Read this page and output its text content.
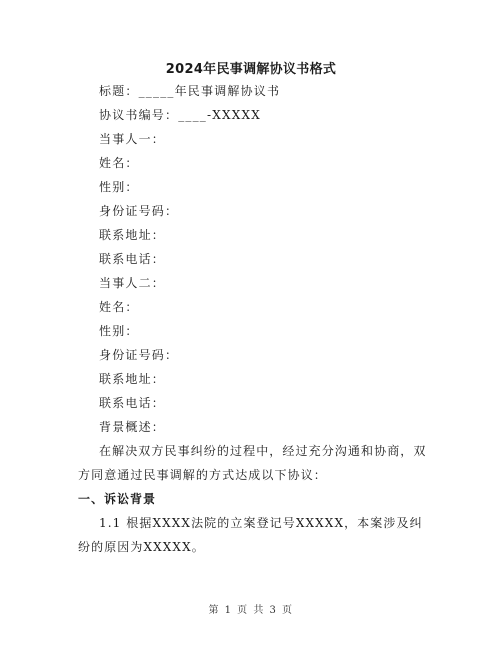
2024年民事调解协议书格式
标题：_____年民事调解协议书
协议书编号：____-XXXXX
当事人一：
姓名：
性别：
身份证号码：
联系地址：
联系电话：
当事人二：
姓名：
性别：
身份证号码：
联系地址：
联系电话：
背景概述：
在解决双方民事纠纷的过程中，经过充分沟通和协商，双方同意通过民事调解的方式达成以下协议：
一、诉讼背景
1.1 根据XXXX法院的立案登记号XXXXX，本案涉及纠纷的原因为XXXXX。
第 1 页 共 3 页
